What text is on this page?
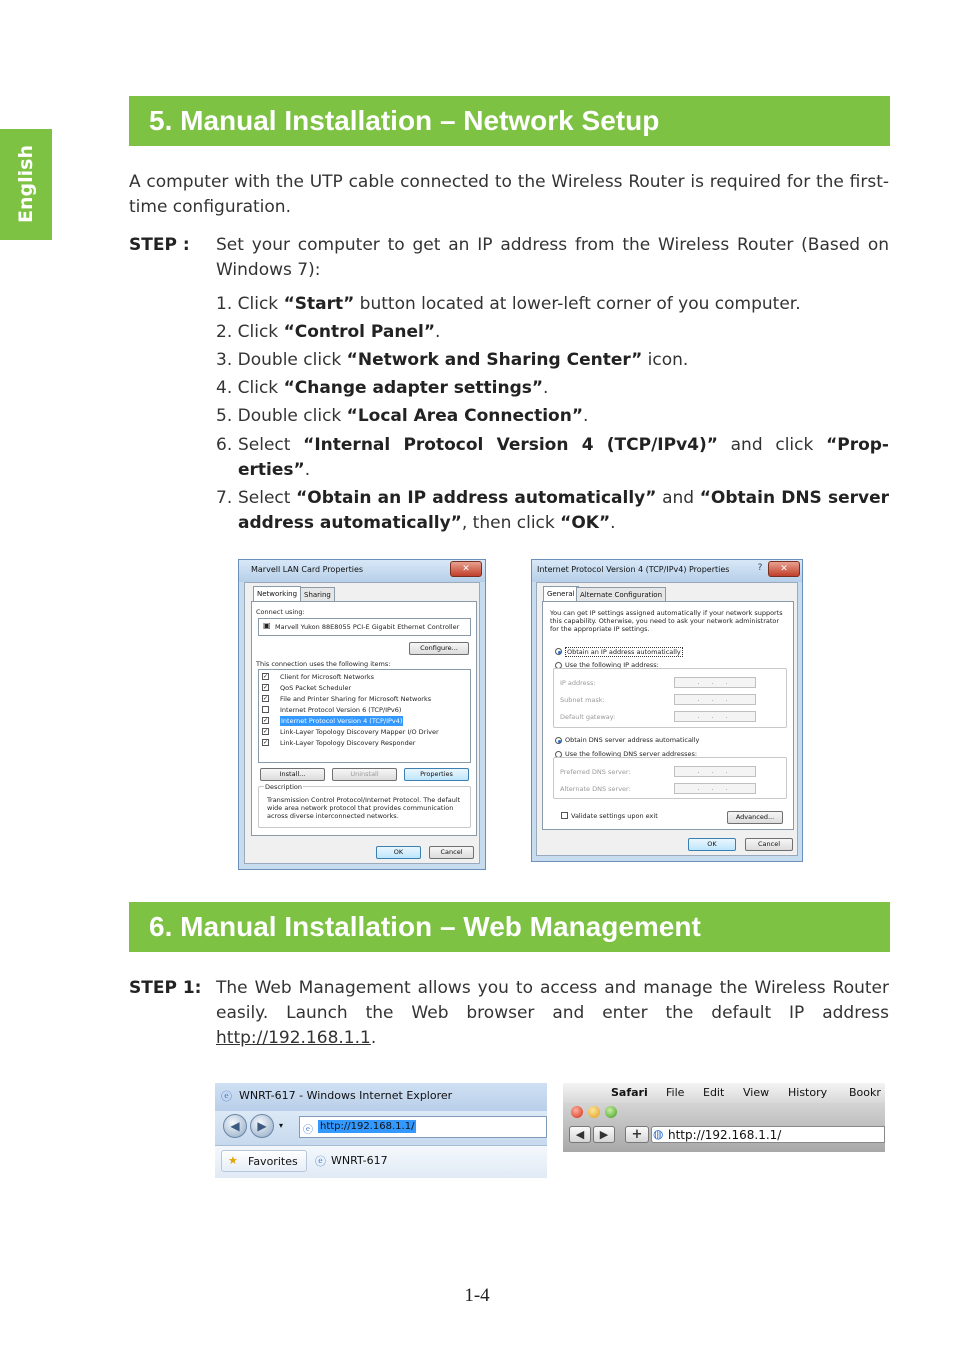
English
5. Manual Installation – Network Setup
A computer with the UTP cable connected to the Wireless Router is required for the first-time configuration.
STEP : Set your computer to get an IP address from the Wireless Router (Based on Windows 7):
1. Click “Start” button located at lower-left corner of you computer.
2. Click “Control Panel”.
3. Double click “Network and Sharing Center” icon.
4. Click “Change adapter settings”.
5. Double click “Local Area Connection”.
6. Select “Internal Protocol Version 4 (TCP/IPv4)” and click “Prop-erties”.
7. Select “Obtain an IP address automatically” and “Obtain DNS server address automatically”, then click “OK”.
Marvell LAN Card Properties	✕
Networking Sharing
Connect using:
▣ Marvell Yukon 88E8055 PCI-E Gigabit Ethernet Controller
Configure...
This connection uses the following items:
✓ Client for Microsoft Networks
✓ QoS Packet Scheduler
✓ File and Printer Sharing for Microsoft Networks
Internet Protocol Version 6 (TCP/IPv6)
✓ Internet Protocol Version 4 (TCP/IPv4)
✓ Link-Layer Topology Discovery Mapper I/O Driver
✓ Link-Layer Topology Discovery Responder
Install...	Uninstall	Properties
Description
Transmission Control Protocol/Internet Protocol. The default wide area network protocol that provides communication across diverse interconnected networks.
OK	Cancel
Internet Protocol Version 4 (TCP/IPv4) Properties	?	✕
General Alternate Configuration
You can get IP settings assigned automatically if your network supports this capability. Otherwise, you need to ask your network administrator for the appropriate IP settings.
Obtain an IP address automatically
Use the following IP address:
IP address:	. . .
Subnet mask:	. . .
Default gateway:	. . .
Obtain DNS server address automatically
Use the following DNS server addresses:
Preferred DNS server:	. . .
Alternate DNS server:	. . .
Validate settings upon exit	Advanced...
OK	Cancel
6. Manual Installation – Web Management
STEP 1: The Web Management allows you to access and manage the Wireless Router easily. Launch the Web browser and enter the default IP address http://192.168.1.1.
ⓔ WNRT-617 - Windows Internet Explorer
◀	▶	▾ ⓔ http://192.168.1.1/
★ Favorites ⓔ WNRT-617
Safari File Edit View History Bookr
◀	▶	+ ◍ http://192.168.1.1/
1-4
